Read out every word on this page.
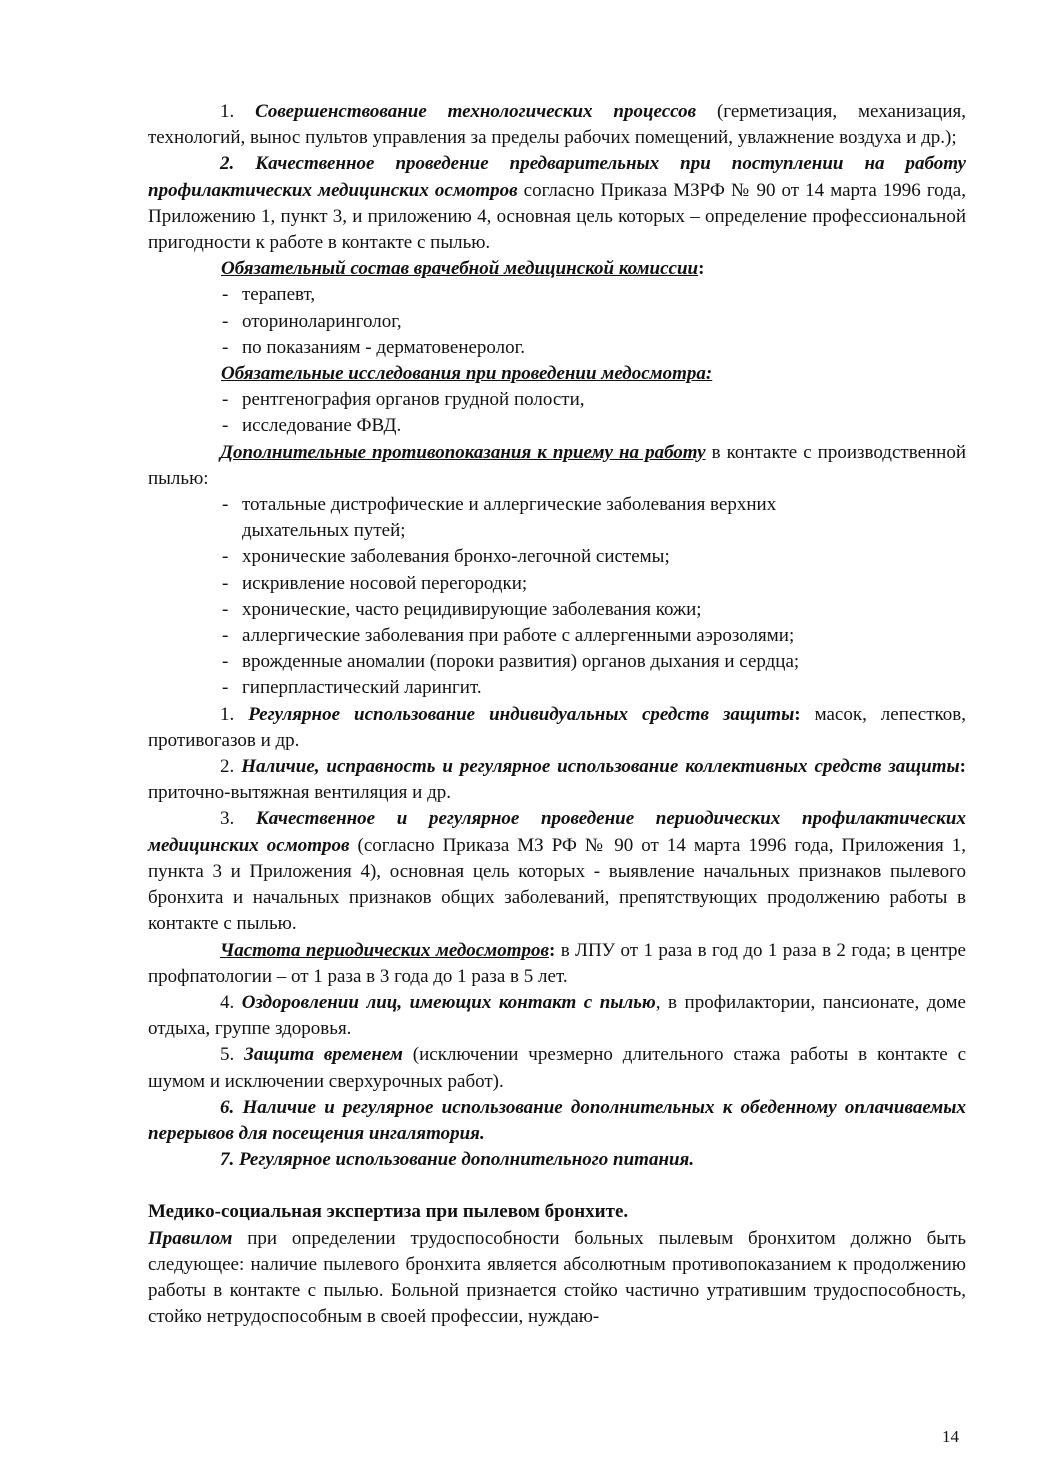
1. Совершенствование технологических процессов (герметизация, механизация, технологий, вынос пультов управления за пределы рабочих помещений, увлажнение воздуха и др.);

2. Качественное проведение предварительных при поступлении на работу профилактических медицинских осмотров согласно Приказа МЗРФ № 90 от 14 марта 1996 года, Приложению 1, пункт 3, и приложению 4, основная цель которых – определение профессиональной пригодности к работе в контакте с пылью.

Обязательный состав врачебной медицинской комиссии:

- терапевт,
- оториноларинголог,
- по показаниям - дерматовенеролог.

Обязательные исследования при проведении медосмотра:

- рентгенография органов грудной полости,
- исследование ФВД.

Дополнительные противопоказания к приему на работу в контакте с производственной пылью:

- тотальные дистрофические и аллергические заболевания верхних дыхательных путей;
- хронические заболевания бронхо-легочной системы;
- искривление носовой перегородки;
- хронические, часто рецидивирующие заболевания кожи;
- аллергические заболевания при работе с аллергенными аэрозолями;
- врожденные аномалии (пороки развития) органов дыхания и сердца;
- гиперпластический ларингит.

1. Регулярное использование индивидуальных средств защиты: масок, лепестков, противогазов и др.

2. Наличие, исправность и регулярное использование коллективных средств защиты: приточно-вытяжная вентиляция и др.

3. Качественное и регулярное проведение периодических профилактических медицинских осмотров (согласно Приказа МЗ РФ № 90 от 14 марта 1996 года, Приложения 1, пункта 3 и Приложения 4), основная цель которых - выявление начальных признаков пылевого бронхита и начальных признаков общих заболеваний, препятствующих продолжению работы в контакте с пылью.

Частота периодических медосмотров: в ЛПУ от 1 раза в год до 1 раза в 2 года; в центре профпатологии – от 1 раза в 3 года до 1 раза в 5 лет.

4. Оздоровлении лиц, имеющих контакт с пылью, в профилактории, пансионате, доме отдыха, группе здоровья.

5. Защита временем (исключении чрезмерно длительного стажа работы в контакте с шумом и исключении сверхурочных работ).

6. Наличие и регулярное использование дополнительных к обеденному оплачиваемых перерывов для посещения ингалятория.

7. Регулярное использование дополнительного питания.

Медико-социальная экспертиза при пылевом бронхите.

Правилом при определении трудоспособности больных пылевым бронхитом должно быть следующее: наличие пылевого бронхита является абсолютным противопоказанием к продолжению работы в контакте с пылью. Больной признается стойко частично утратившим трудоспособность, стойко нетрудоспособным в своей профессии, нуждаю-

14
